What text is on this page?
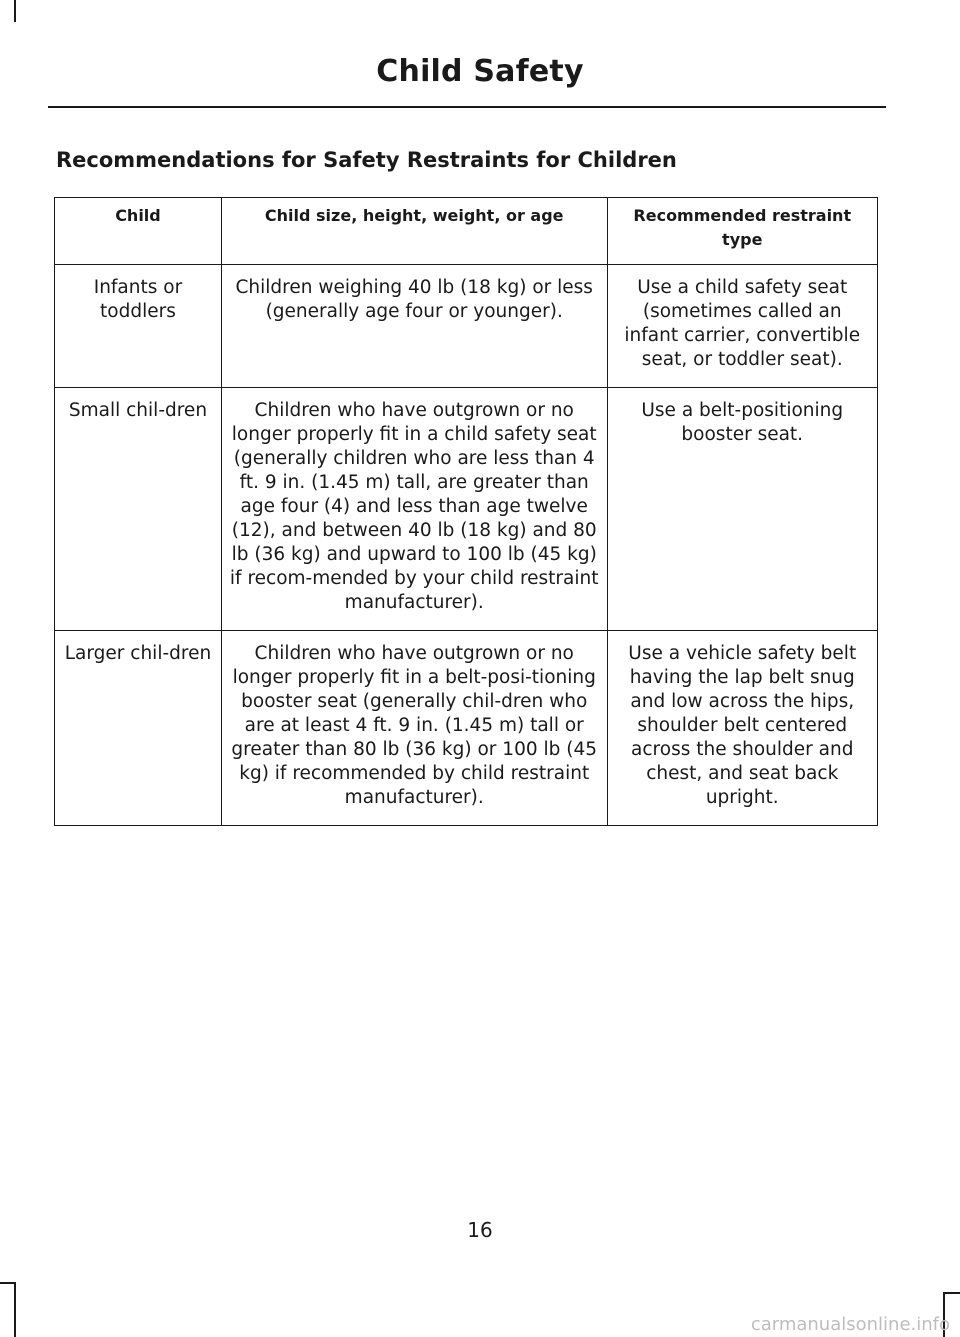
Child Safety
Recommendations for Safety Restraints for Children
Child	Child size, height, weight, or age	Recommended restraint type
Infants or toddlers	Children weighing 40 lb (18 kg) or less (generally age four or younger).	Use a child safety seat (sometimes called an infant carrier, convertible seat, or toddler seat).
Small chil-dren	Children who have outgrown or no longer properly fit in a child safety seat (generally children who are less than 4 ft. 9 in. (1.45 m) tall, are greater than age four (4) and less than age twelve (12), and between 40 lb (18 kg) and 80 lb (36 kg) and upward to 100 lb (45 kg) if recom-mended by your child restraint manufacturer).	Use a belt-positioning booster seat.
Larger chil-dren	Children who have outgrown or no longer properly fit in a belt-posi-tioning booster seat (generally chil-dren who are at least 4 ft. 9 in. (1.45 m) tall or greater than 80 lb (36 kg) or 100 lb (45 kg) if recommended by child restraint manufacturer).	Use a vehicle safety belt having the lap belt snug and low across the hips, shoulder belt centered across the shoulder and chest, and seat back upright.
16
carmanualsonline.info
